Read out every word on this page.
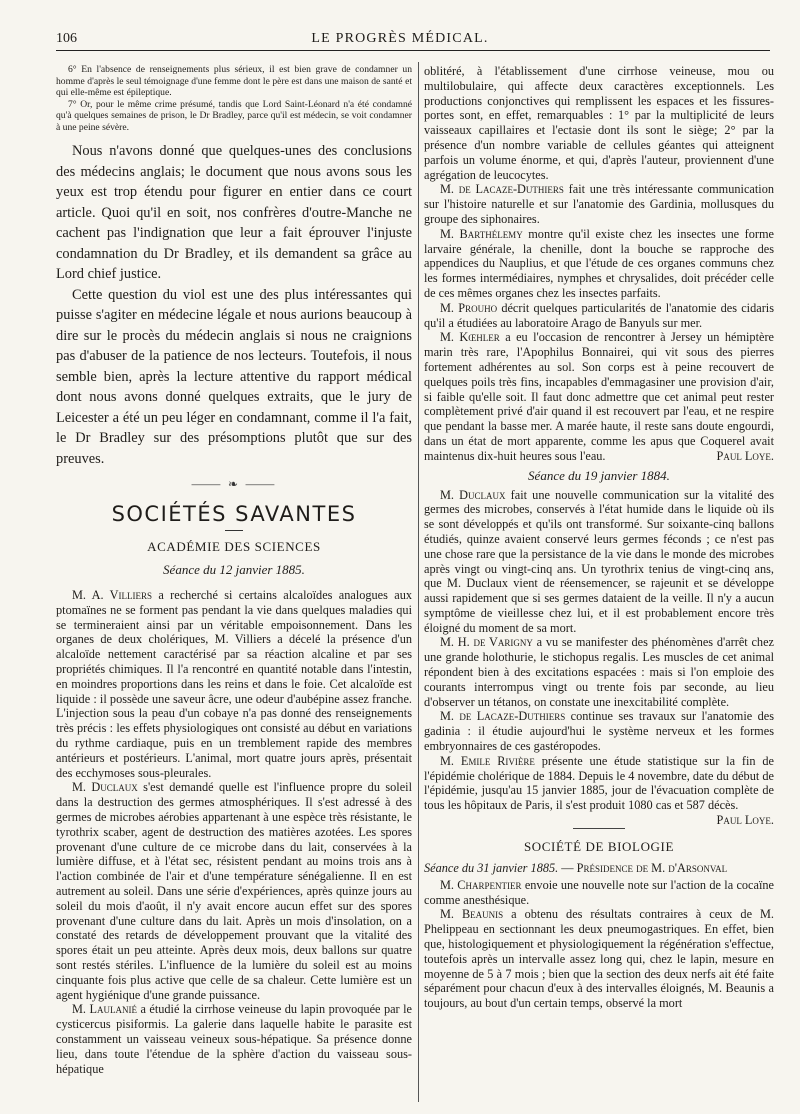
106	LE PROGRÈS MÉDICAL.

6° En l'absence de renseignements plus sérieux, il est bien grave de condamner un homme d'après le seul témoignage d'une femme dont le père est dans une maison de santé et qui elle-même est épileptique.

7° Or, pour le même crime présumé, tandis que Lord Saint-Léonard n'a été condamné qu'à quelques semaines de prison, le Dr Bradley, parce qu'il est médecin, se voit condamner à une peine sévère.

Nous n'avons donné que quelques-unes des conclusions des médecins anglais; le document que nous avons sous les yeux est trop étendu pour figurer en entier dans ce court article. Quoi qu'il en soit, nos confrères d'outre-Manche ne cachent pas l'indignation que leur a fait éprouver l'injuste condamnation du Dr Bradley, et ils demandent sa grâce au Lord chief justice.

Cette question du viol est une des plus intéressantes qui puisse s'agiter en médecine légale et nous aurions beaucoup à dire sur le procès du médecin anglais si nous ne craignions pas d'abuser de la patience de nos lecteurs. Toutefois, il nous semble bien, après la lecture attentive du rapport médical dont nous avons donné quelques extraits, que le jury de Leicester a été un peu léger en condamnant, comme il l'a fait, le Dr Bradley sur des présomptions plutôt que sur des preuves.

⸻ ❧ ⸻
SOCIÉTÉS SAVANTES
ACADÉMIE DES SCIENCES
Séance du 12 janvier 1885.

M. A. Villiers a recherché si certains alcaloïdes analogues aux ptomaïnes ne se forment pas pendant la vie dans quelques maladies qui se termineraient ainsi par un véritable empoisonnement. Dans les organes de deux cholériques, M. Villiers a décelé la présence d'un alcaloïde nettement caractérisé par sa réaction alcaline et par ses propriétés chimiques. Il l'a rencontré en quantité notable dans l'intestin, en moindres proportions dans les reins et dans le foie. Cet alcaloïde est liquide : il possède une saveur âcre, une odeur d'aubépine assez franche. L'injection sous la peau d'un cobaye n'a pas donné des renseignements très précis : les effets physiologiques ont consisté au début en variations du rythme cardiaque, puis en un tremblement rapide des membres antérieurs et postérieurs. L'animal, mort quatre jours après, présentait des ecchymoses sous-pleurales.

M. Duclaux s'est demandé quelle est l'influence propre du soleil dans la destruction des germes atmosphériques. Il s'est adressé à des germes de microbes aérobies appartenant à une espèce très résistante, le tyrothrix scaber, agent de destruction des matières azotées. Les spores provenant d'une culture de ce microbe dans du lait, conservées à la lumière diffuse, et à l'état sec, résistent pendant au moins trois ans à l'action combinée de l'air et d'une température sénégalienne. Il en est autrement au soleil. Dans une série d'expériences, après quinze jours au soleil du mois d'août, il n'y avait encore aucun effet sur des spores provenant d'une culture dans du lait. Après un mois d'insolation, on a constaté des retards de développement prouvant que la vitalité des spores était un peu atteinte. Après deux mois, deux ballons sur quatre sont restés stériles. L'influence de la lumière du soleil est au moins cinquante fois plus active que celle de sa chaleur. Cette lumière est un agent hygiénique d'une grande puissance.

M. Laulanié a étudié la cirrhose veineuse du lapin provoquée par le cysticercus pisiformis. La galerie dans laquelle habite le parasite est constamment un vaisseau veineux sous-hépatique. Sa présence donne lieu, dans toute l'étendue de la sphère d'action du vaisseau sous-hépatique

oblitéré, à l'établissement d'une cirrhose veineuse, mou ou multilobulaire, qui affecte deux caractères exceptionnels. Les productions conjonctives qui remplissent les espaces et les fissures-portes sont, en effet, remarquables : 1° par la multiplicité de leurs vaisseaux capillaires et l'ectasie dont ils sont le siège; 2° par la présence d'un nombre variable de cellules géantes qui atteignent parfois un volume énorme, et qui, d'après l'auteur, proviennent d'une agrégation de leucocytes.

M. de Lacaze-Duthiers fait une très intéressante communication sur l'histoire naturelle et sur l'anatomie des Gardinia, mollusques du groupe des siphonaires.

M. Barthélemy montre qu'il existe chez les insectes une forme larvaire générale, la chenille, dont la bouche se rapproche des appendices du Nauplius, et que l'étude de ces organes communs chez les formes intermédiaires, nymphes et chrysalides, doit précéder celle de ces mêmes organes chez les insectes parfaits.

M. Prouho décrit quelques particularités de l'anatomie des cidaris qu'il a étudiées au laboratoire Arago de Banyuls sur mer.

M. Kœhler a eu l'occasion de rencontrer à Jersey un hémiptère marin très rare, l'Apophilus Bonnairei, qui vit sous des pierres fortement adhérentes au sol. Son corps est à peine recouvert de quelques poils très fins, incapables d'emmagasiner une provision d'air, si faible qu'elle soit. Il faut donc admettre que cet animal peut rester complètement privé d'air quand il est recouvert par l'eau, et ne respire que pendant la basse mer. A marée haute, il reste sans doute engourdi, dans un état de mort apparente, comme les apus que Coquerel avait maintenus dix-huit heures sous l'eau.	Paul Loye.

Séance du 19 janvier 1884.

M. Duclaux fait une nouvelle communication sur la vitalité des germes des microbes, conservés à l'état humide dans le liquide où ils se sont développés et qu'ils ont transformé. Sur soixante-cinq ballons étudiés, quinze avaient conservé leurs germes féconds ; ce n'est pas une chose rare que la persistance de la vie dans le monde des microbes après vingt ou vingt-cinq ans. Un tyrothrix tenius de vingt-cinq ans, que M. Duclaux vient de réensemencer, se rajeunit et se développe aussi rapidement que si ses germes dataient de la veille. Il n'y a aucun symptôme de vieillesse chez lui, et il est probablement encore très éloigné du moment de sa mort.

M. H. de Varigny a vu se manifester des phénomènes d'arrêt chez une grande holothurie, le stichopus regalis. Les muscles de cet animal répondent bien à des excitations espacées : mais si l'on emploie des courants interrompus vingt ou trente fois par seconde, au lieu d'observer un tétanos, on constate une inexcitabilité complète.

M. de Lacaze-Duthiers continue ses travaux sur l'anatomie des gadinia : il étudie aujourd'hui le système nerveux et les formes embryonnaires de ces gastéropodes.

M. Emile Rivière présente une étude statistique sur la fin de l'épidémie cholérique de 1884. Depuis le 4 novembre, date du début de l'épidémie, jusqu'au 15 janvier 1885, jour de l'évacuation complète de tous les hôpitaux de Paris, il s'est produit 1080 cas et 587 décès.
Paul Loye.

SOCIÉTÉ DE BIOLOGIE

Séance du 31 janvier 1885. — Présidence de M. d'Arsonval

M. Charpentier envoie une nouvelle note sur l'action de la cocaïne comme anesthésique.

M. Beaunis a obtenu des résultats contraires à ceux de M. Phelippeau en sectionnant les deux pneumogastriques. En effet, bien que, histologiquement et physiologiquement la régénération s'effectue, toutefois après un intervalle assez long qui, chez le lapin, mesure en moyenne de 5 à 7 mois ; bien que la section des deux nerfs ait été faite séparément pour chacun d'eux à des intervalles éloignés, M. Beaunis a toujours, au bout d'un certain temps, observé la mort
